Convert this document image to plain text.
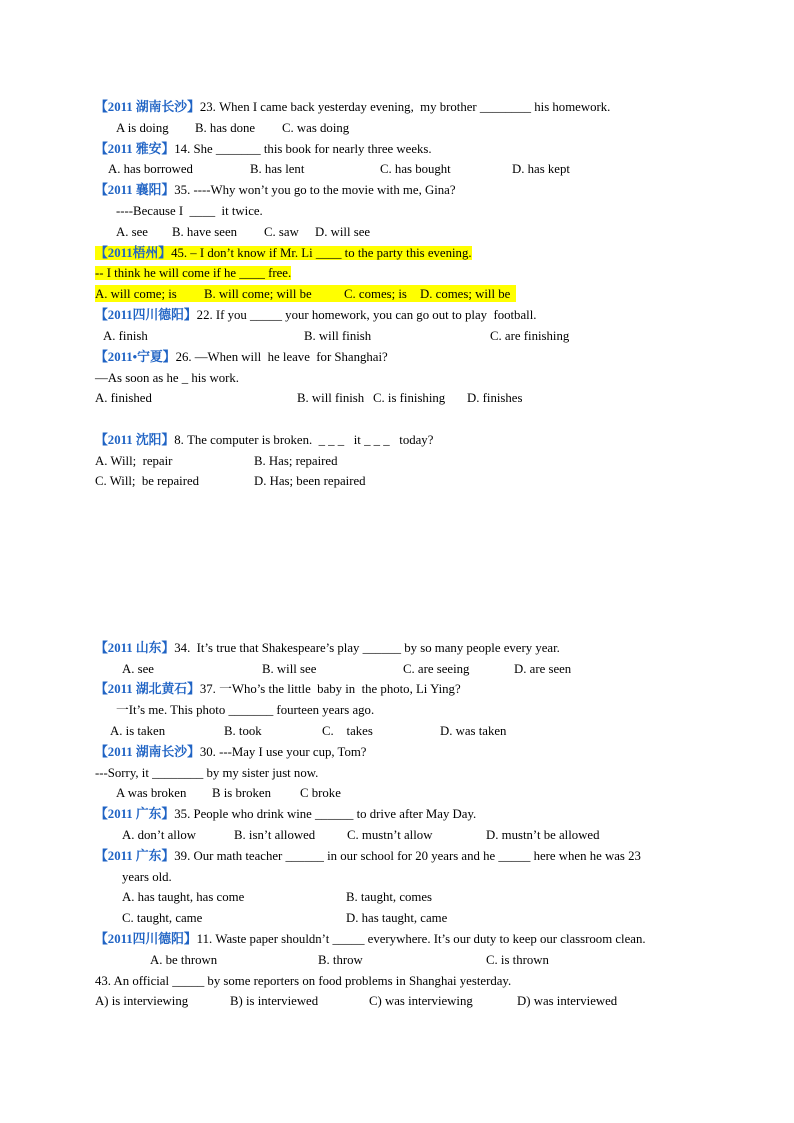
【2011 湖南长沙】23. When I came back yesterday evening,  my brother ________ his homework.
A is doing B. has done C. was doing
【2011 雅安】14. She _______ this book for nearly three weeks.
A. has borrowed	B. has lent	C. has bought	D. has kept
【2011 襄阳】35. ----Why won’t you go to the movie with me, Gina?
----Because I  ____  it twice.
A. see B. have seen C. saw D. will see
【2011梧州】45. – I don’t know if Mr. Li ____ to the party this evening.
-- I think he will come if he ____ free.
A. will come; is B. will come; will be	C. comes; is D. comes; will be
【2011四川德阳】22. If you _____ your homework, you can go out to play  football.
A. finish	B. will finish	C. are finishing
【2011•宁夏】26. —When will  he leave  for Shanghai?
—As soon as he _ his work.
A. finished	B. will finish C. is finishing D. finishes
【2011 沈阳】8. The computer is broken.  _ _ _   it _ _ _   today?
A. Will;  repair	B. Has; repaired
C. Will;  be repaired	D. Has; been repaired
【2011 山东】34.  It’s true that Shakespeare’s play ______ by so many people every year.
A. see	B. will see	C. are seeing	D. are seen
【2011 湖北黄石】37. 一Who’s the little  baby in  the photo, Li Ying?
一It’s me. This photo _______ fourteen years ago.
A. is taken	B. took	C.    takes	D. was taken
【2011 湖南长沙】30. ---May I use your cup, Tom?
---Sorry, it ________ by my sister just now.
A was broken B is broken C broke
【2011 广东】35. People who drink wine ______ to drive after May Day.
A. don’t allow	B. isn’t allowed C. mustn’t allow	D. mustn’t be allowed
【2011 广东】39. Our math teacher ______ in our school for 20 years and he _____ here when he was 23
years old.
A. has taught, has come	B. taught, comes
C. taught, came	D. has taught, came
【2011四川德阳】11. Waste paper shouldn’t _____ everywhere. It’s our duty to keep our classroom clean.
A. be thrown	B. throw	C. is thrown
43. An official _____ by some reporters on food problems in Shanghai yesterday.
A) is interviewing	B) is interviewed	C) was interviewing	D) was interviewed
